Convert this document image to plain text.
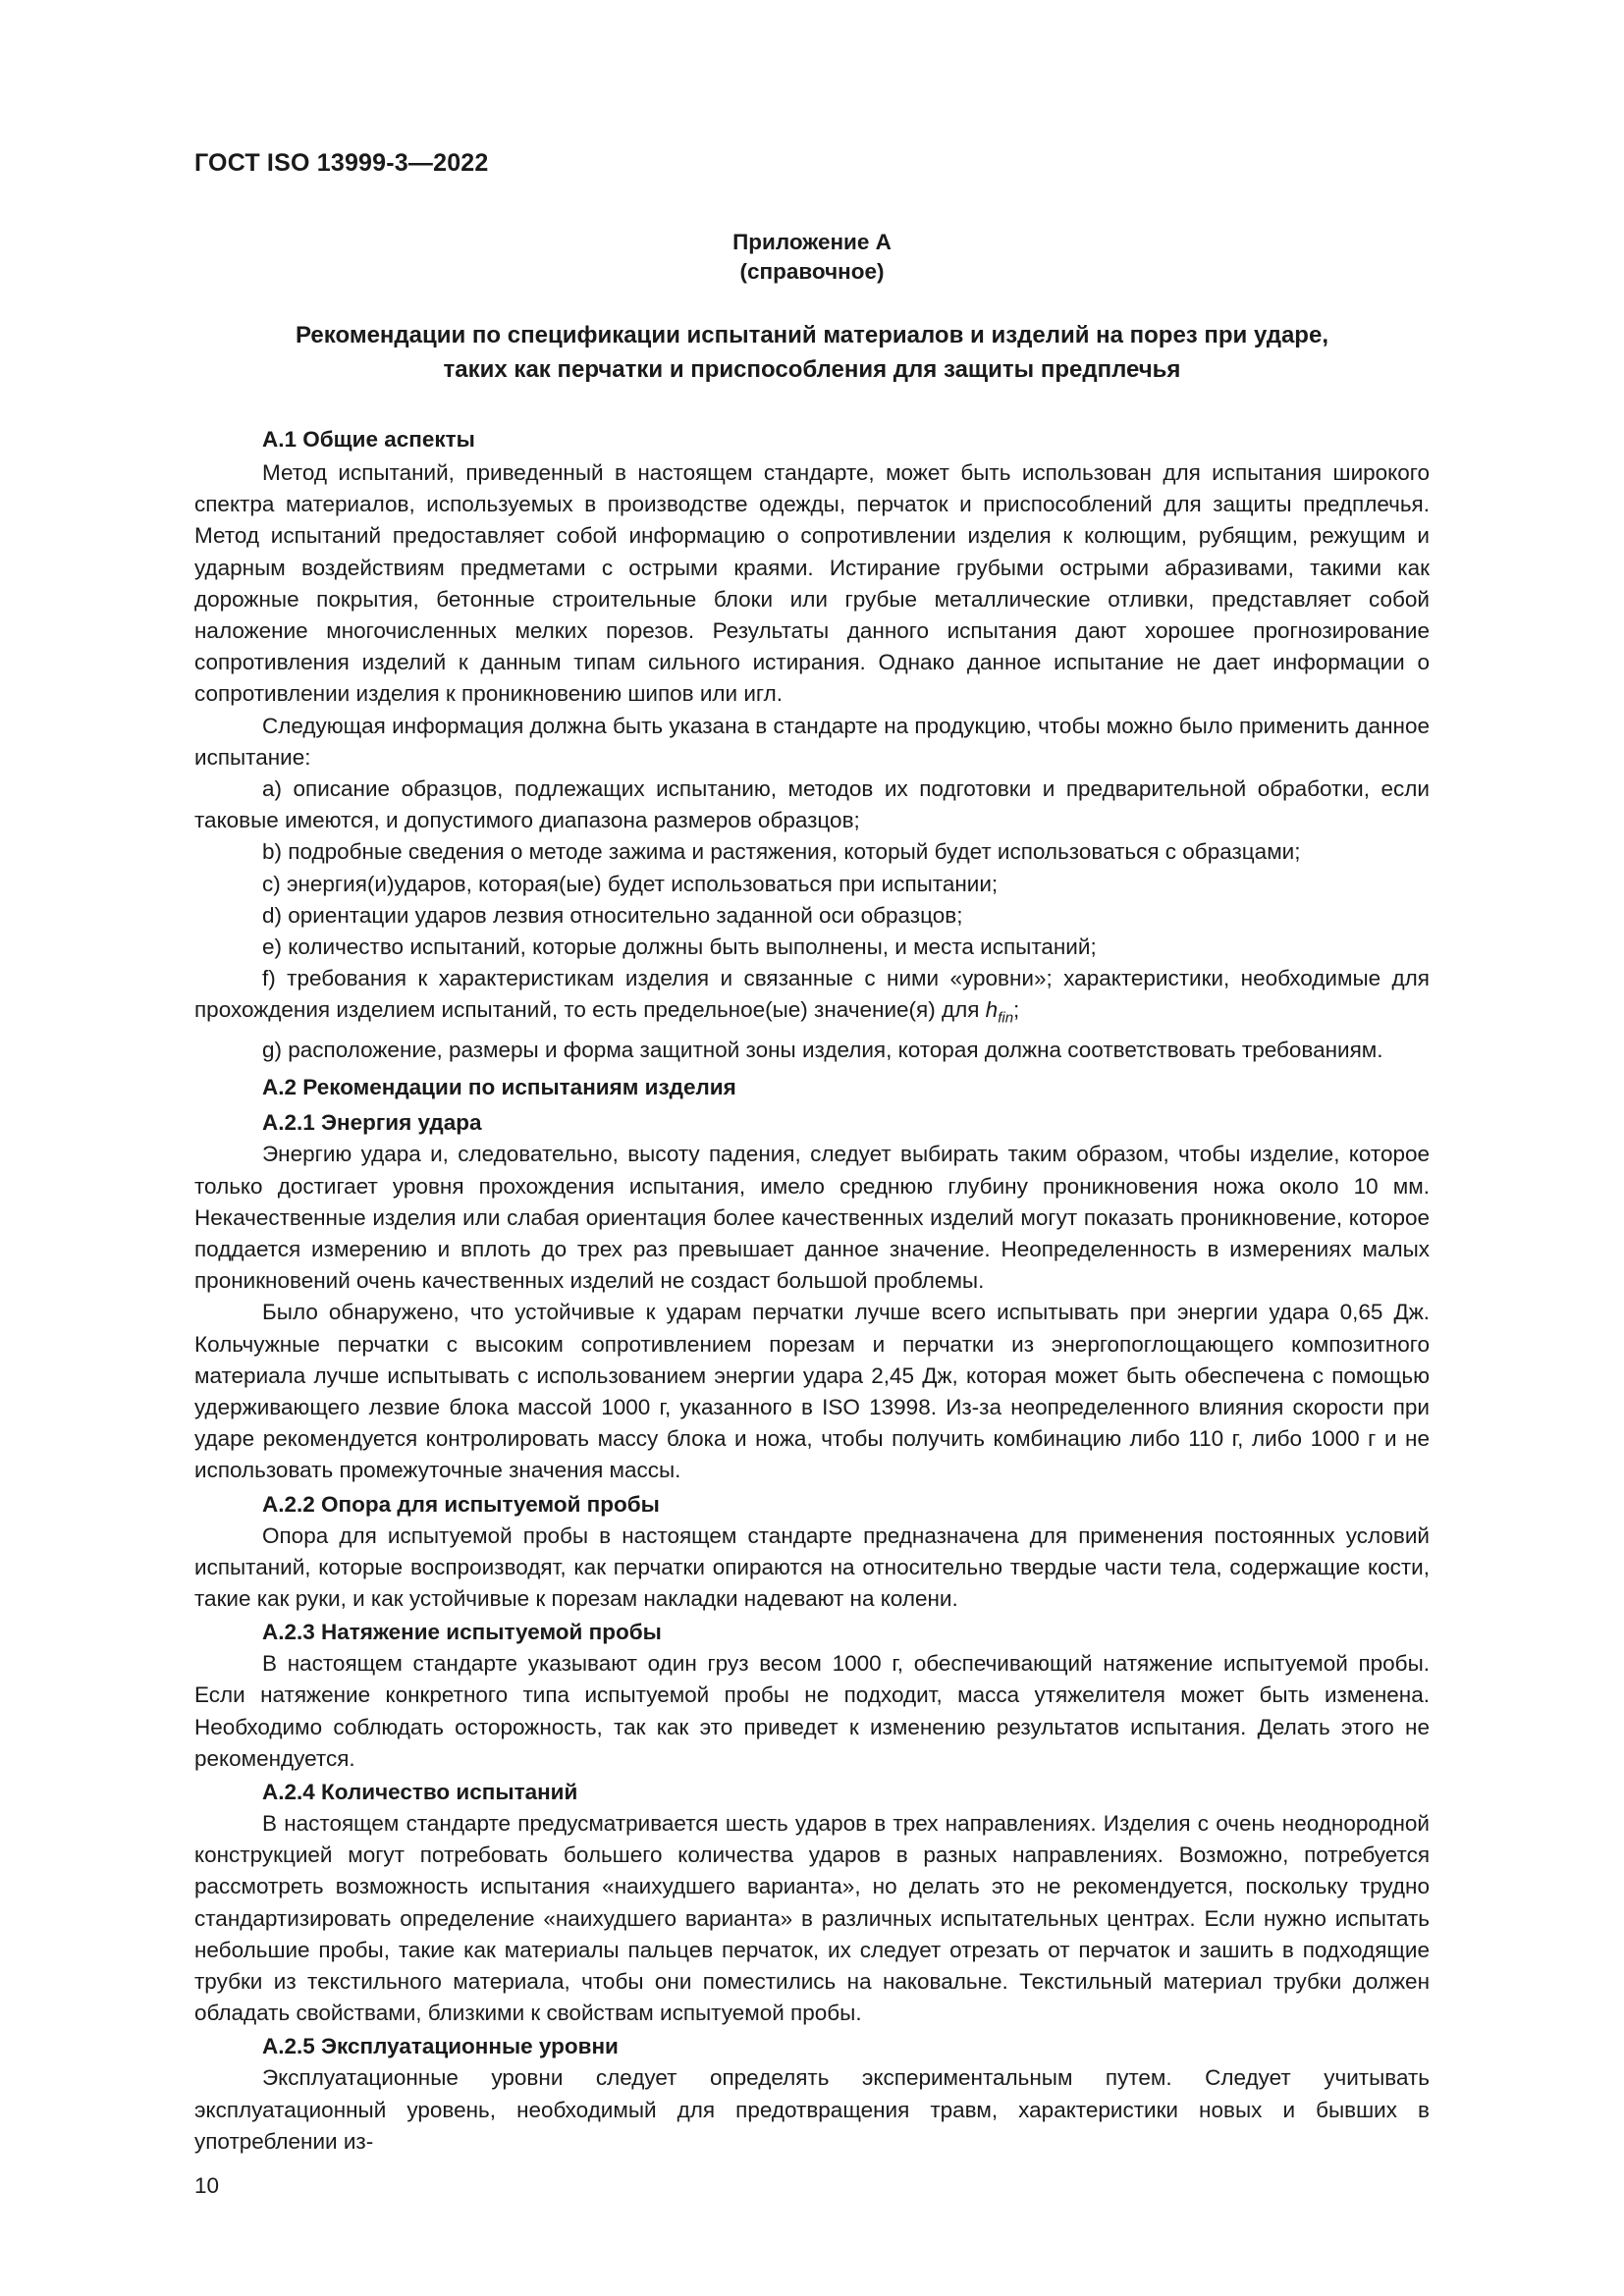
ГОСТ ISO 13999-3—2022
Приложение А
(справочное)
Рекомендации по спецификации испытаний материалов и изделий на порез при ударе,
таких как перчатки и приспособления для защиты предплечья
А.1 Общие аспекты

Метод испытаний, приведенный в настоящем стандарте, может быть использован для испытания широкого спектра материалов, используемых в производстве одежды, перчаток и приспособлений для защиты предплечья. Метод испытаний предоставляет собой информацию о сопротивлении изделия к колющим, рубящим, режущим и ударным воздействиям предметами с острыми краями. Истирание грубыми острыми абразивами, такими как дорожные покрытия, бетонные строительные блоки или грубые металлические отливки, представляет собой наложение многочисленных мелких порезов. Результаты данного испытания дают хорошее прогнозирование сопротивления изделий к данным типам сильного истирания. Однако данное испытание не дает информации о сопротивлении изделия к проникновению шипов или игл.

Следующая информация должна быть указана в стандарте на продукцию, чтобы можно было применить данное испытание:

a) описание образцов, подлежащих испытанию, методов их подготовки и предварительной обработки, если таковые имеются, и допустимого диапазона размеров образцов;

b) подробные сведения о методе зажима и растяжения, который будет использоваться с образцами;

c) энергия(и)ударов, которая(ые) будет использоваться при испытании;

d) ориентации ударов лезвия относительно заданной оси образцов;

e) количество испытаний, которые должны быть выполнены, и места испытаний;

f) требования к характеристикам изделия и связанные с ними «уровни»; характеристики, необходимые для прохождения изделием испытаний, то есть предельное(ые) значение(я) для $h_{fin}$;

g) расположение, размеры и форма защитной зоны изделия, которая должна соответствовать требованиям.

А.2 Рекомендации по испытаниям изделия
А.2.1 Энергия удара

Энергию удара и, следовательно, высоту падения, следует выбирать таким образом, чтобы изделие, которое только достигает уровня прохождения испытания, имело среднюю глубину проникновения ножа около 10 мм. Некачественные изделия или слабая ориентация более качественных изделий могут показать проникновение, которое поддается измерению и вплоть до трех раз превышает данное значение. Неопределенность в измерениях малых проникновений очень качественных изделий не создаст большой проблемы.

Было обнаружено, что устойчивые к ударам перчатки лучше всего испытывать при энергии удара 0,65 Дж. Кольчужные перчатки с высоким сопротивлением порезам и перчатки из энергопоглощающего композитного материала лучше испытывать с использованием энергии удара 2,45 Дж, которая может быть обеспечена с помощью удерживающего лезвие блока массой 1000 г, указанного в ISO 13998. Из-за неопределенного влияния скорости при ударе рекомендуется контролировать массу блока и ножа, чтобы получить комбинацию либо 110 г, либо 1000 г и не использовать промежуточные значения массы.

А.2.2 Опора для испытуемой пробы

Опора для испытуемой пробы в настоящем стандарте предназначена для применения постоянных условий испытаний, которые воспроизводят, как перчатки опираются на относительно твердые части тела, содержащие кости, такие как руки, и как устойчивые к порезам накладки надевают на колени.

А.2.3 Натяжение испытуемой пробы

В настоящем стандарте указывают один груз весом 1000 г, обеспечивающий натяжение испытуемой пробы. Если натяжение конкретного типа испытуемой пробы не подходит, масса утяжелителя может быть изменена. Необходимо соблюдать осторожность, так как это приведет к изменению результатов испытания. Делать этого не рекомендуется.

А.2.4 Количество испытаний

В настоящем стандарте предусматривается шесть ударов в трех направлениях. Изделия с очень неоднородной конструкцией могут потребовать большего количества ударов в разных направлениях. Возможно, потребуется рассмотреть возможность испытания «наихудшего варианта», но делать это не рекомендуется, поскольку трудно стандартизировать определение «наихудшего варианта» в различных испытательных центрах. Если нужно испытать небольшие пробы, такие как материалы пальцев перчаток, их следует отрезать от перчаток и зашить в подходящие трубки из текстильного материала, чтобы они поместились на наковальне. Текстильный материал трубки должен обладать свойствами, близкими к свойствам испытуемой пробы.

А.2.5 Эксплуатационные уровни

Эксплуатационные уровни следует определять экспериментальным путем. Следует учитывать эксплуатационный уровень, необходимый для предотвращения травм, характеристики новых и бывших в употреблении из-

10
